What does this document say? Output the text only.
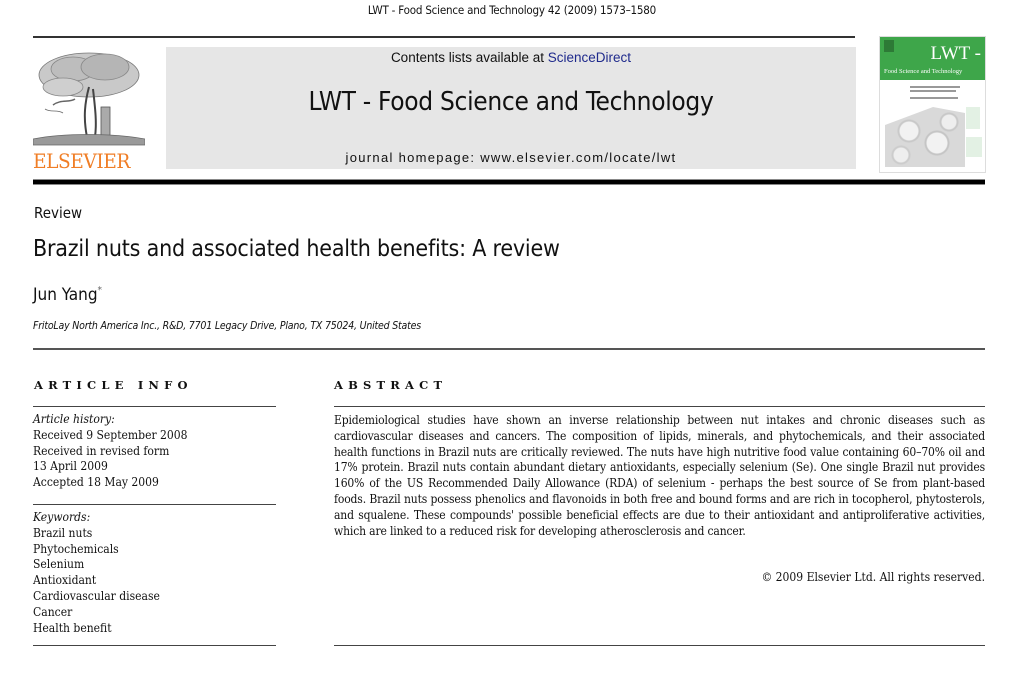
LWT - Food Science and Technology 42 (2009) 1573–1580
ELSEVIER
Contents lists available at ScienceDirect
LWT - Food Science and Technology
journal homepage: www.elsevier.com/locate/lwt
LWT -
Food Science and Technology
Review
Brazil nuts and associated health benefits: A review
Jun Yang*
FritoLay North America Inc., R&D, 7701 Legacy Drive, Plano, TX 75024, United States
ARTICLE INFO
Article history:
Received 9 September 2008
Received in revised form
13 April 2009
Accepted 18 May 2009
Keywords:
Brazil nuts
Phytochemicals
Selenium
Antioxidant
Cardiovascular disease
Cancer
Health benefit
ABSTRACT

Epidemiological studies have shown an inverse relationship between nut intakes and chronic diseases such as cardiovascular diseases and cancers. The composition of lipids, minerals, and phytochemicals, and their associated health functions in Brazil nuts are critically reviewed. The nuts have high nutritive food value containing 60–70% oil and 17% protein. Brazil nuts contain abundant dietary antioxidants, especially selenium (Se). One single Brazil nut provides 160% of the US Recommended Daily Allowance (RDA) of selenium - perhaps the best source of Se from plant-based foods. Brazil nuts possess phenolics and flavonoids in both free and bound forms and are rich in tocopherol, phytosterols, and squalene. These compounds' possible beneficial effects are due to their antioxidant and antiproliferative activities, which are linked to a reduced risk for developing atherosclerosis and cancer.

© 2009 Elsevier Ltd. All rights reserved.
